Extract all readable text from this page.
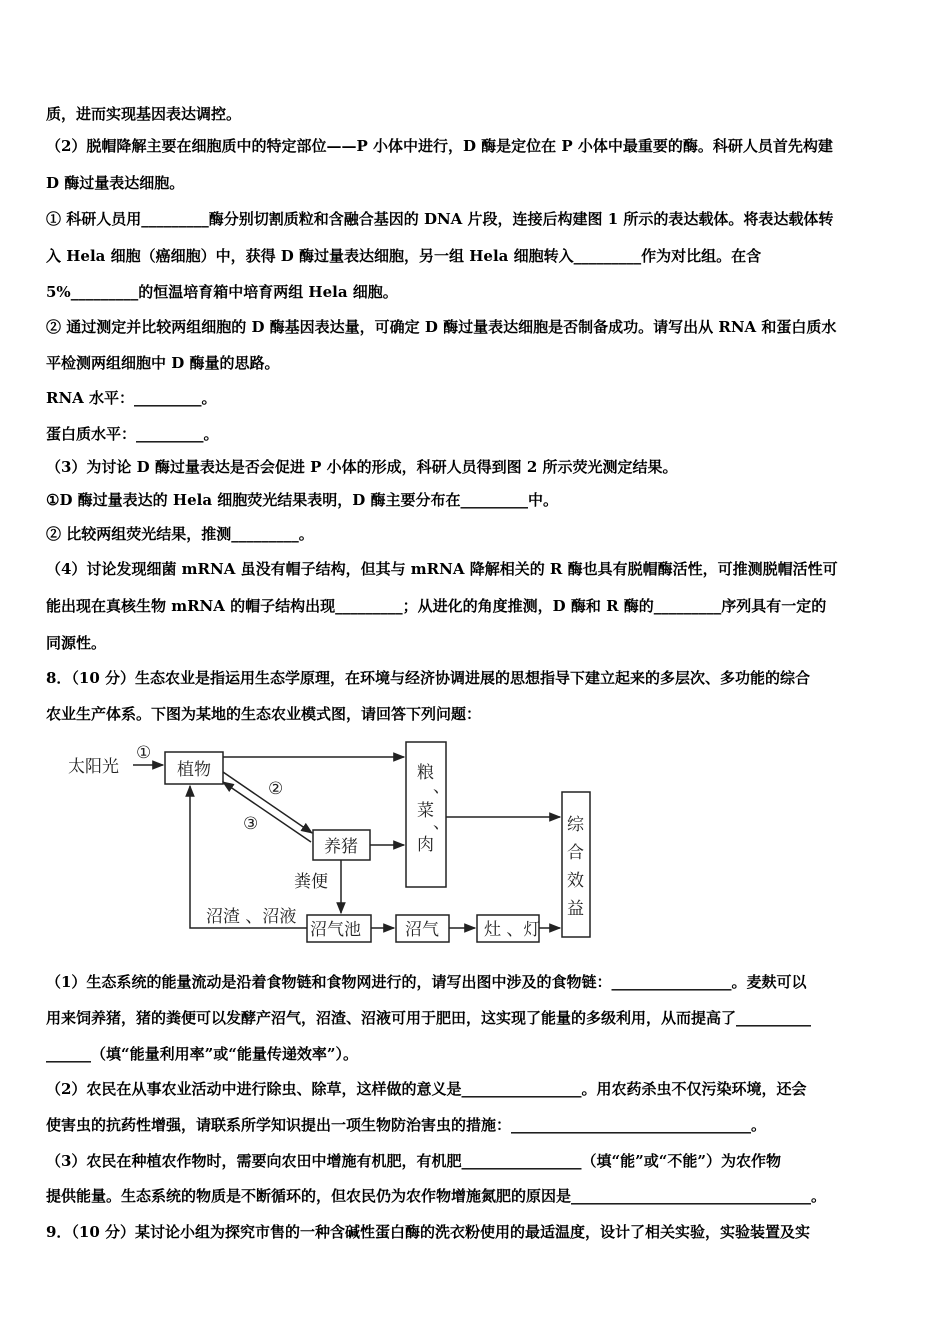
质，进而实现基因表达调控。
（2）脱帽降解主要在细胞质中的特定部位——P 小体中进行，D 酶是定位在 P 小体中最重要的酶。科研人员首先构建
D 酶过量表达细胞。
① 科研人员用_________酶分别切割质粒和含融合基因的 DNA 片段，连接后构建图 1 所示的表达载体。将表达载体转
入 Hela 细胞（癌细胞）中，获得 D 酶过量表达细胞，另一组 Hela 细胞转入_________作为对比组。在含
5%_________的恒温培育箱中培育两组 Hela 细胞。
② 通过测定并比较两组细胞的 D 酶基因表达量，可确定 D 酶过量表达细胞是否制备成功。请写出从 RNA 和蛋白质水
平检测两组细胞中 D 酶量的思路。
RNA 水平：_________。
蛋白质水平：_________。
（3）为讨论 D 酶过量表达是否会促进 P 小体的形成，科研人员得到图 2 所示荧光测定结果。
①D 酶过量表达的 Hela 细胞荧光结果表明，D 酶主要分布在_________中。
② 比较两组荧光结果，推测_________。
（4）讨论发现细菌 mRNA 虽没有帽子结构，但其与 mRNA 降解相关的 R 酶也具有脱帽酶活性，可推测脱帽活性可
能出现在真核生物 mRNA 的帽子结构出现_________；从进化的角度推测，D 酶和 R 酶的_________序列具有一定的
同源性。
8．（10 分）生态农业是指运用生态学原理，在环境与经济协调进展的思想指导下建立起来的多层次、多功能的综合
农业生产体系。下图为某地的生态农业模式图，请回答下列问题：
太阳光
①
②
③
植物
养猪
粪便
沼渣 、沼液
沼气池	沼气	灶 、灯
粮
、
菜
、
肉
综
合
效
益
（1）生态系统的能量流动是沿着食物链和食物网进行的，请写出图中涉及的食物链：________________。麦麸可以
用来饲养猪，猪的粪便可以发酵产沼气，沼渣、沼液可用于肥田，这实现了能量的多级利用，从而提高了__________
______（填“能量利用率”或“能量传递效率”）。
（2）农民在从事农业活动中进行除虫、除草，这样做的意义是________________。用农药杀虫不仅污染环境，还会
使害虫的抗药性增强，请联系所学知识提出一项生物防治害虫的措施：________________________________。
（3）农民在种植农作物时，需要向农田中增施有机肥，有机肥________________（填“能”或“不能”）为农作物
提供能量。生态系统的物质是不断循环的，但农民仍为农作物增施氮肥的原因是________________________________。
9．（10 分）某讨论小组为探究市售的一种含碱性蛋白酶的洗衣粉使用的最适温度，设计了相关实验，实验装置及实
